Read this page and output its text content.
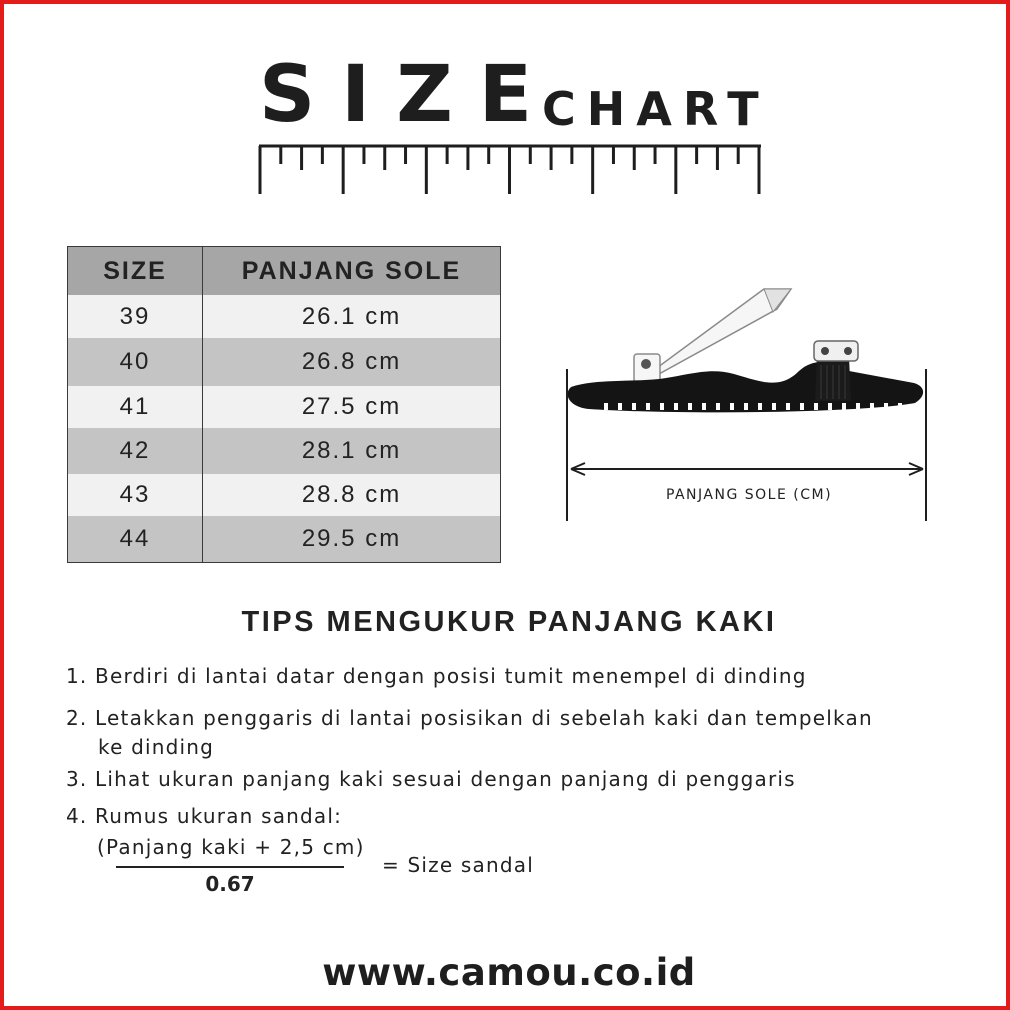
SIZE
CHART
SIZE	PANJANG SOLE
39	26.1 cm
40	26.8 cm
41	27.5 cm
42	28.1 cm
43	28.8 cm
44	29.5 cm
PANJANG SOLE (CM)
TIPS MENGUKUR PANJANG KAKI
1. Berdiri di lantai datar dengan posisi tumit menempel di dinding
2. Letakkan penggaris di lantai posisikan di sebelah kaki dan tempelkan
ke dinding
3. Lihat ukuran panjang kaki sesuai dengan panjang di penggaris
4. Rumus ukuran sandal:
(Panjang kaki + 2,5 cm)
0.67
= Size sandal
www.camou.co.id
